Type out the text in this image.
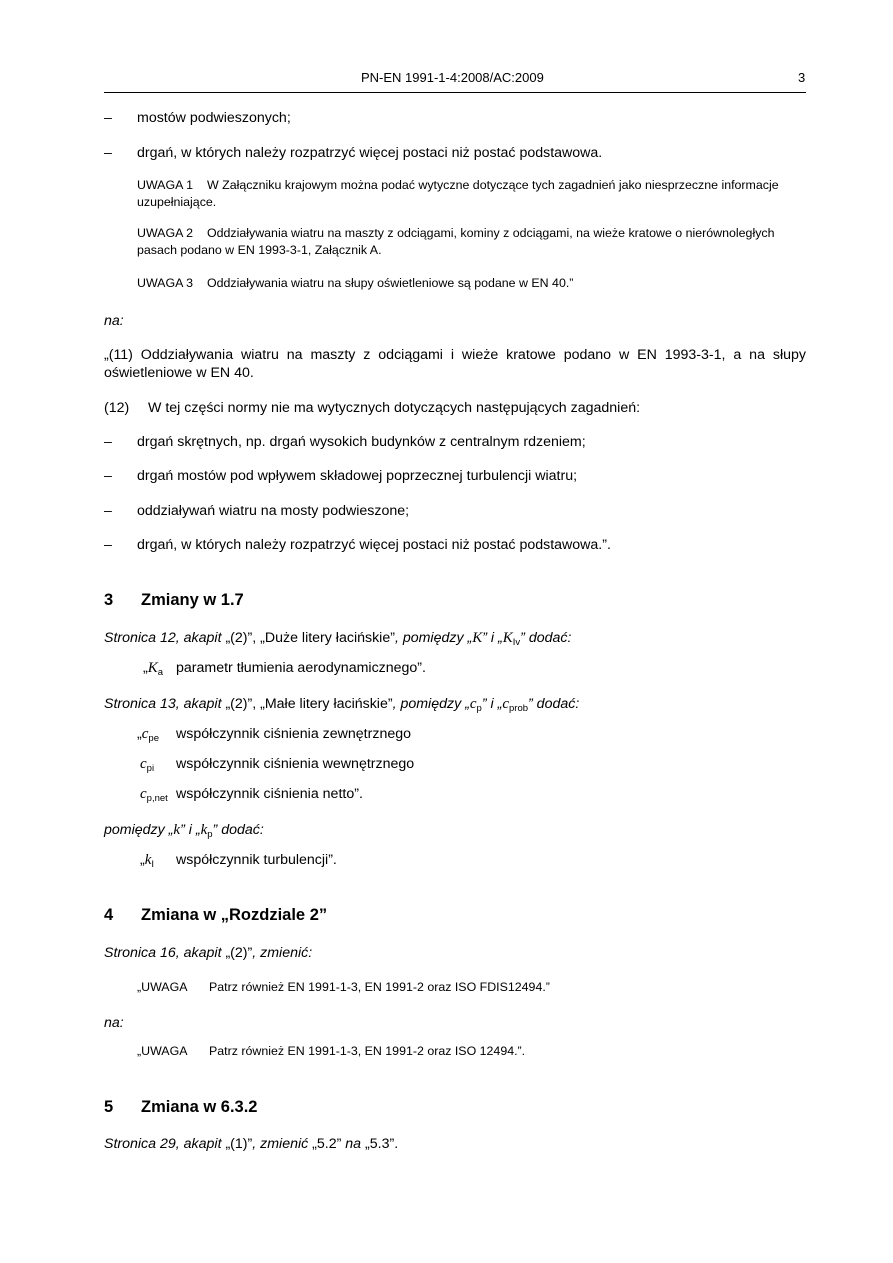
PN-EN 1991-1-4:2008/AC:2009	3
– mostów podwieszonych;
– drgań, w których należy rozpatrzyć więcej postaci niż postać podstawowa.
UWAGA 1 W Załączniku krajowym można podać wytyczne dotyczące tych zagadnień jako niesprzeczne informacje uzupełniające.
UWAGA 2 Oddziaływania wiatru na maszty z odciągami, kominy z odciągami, na wieże kratowe o nierównoległych pasach podano w EN 1993-3-1, Załącznik A.
UWAGA 3 Oddziaływania wiatru na słupy oświetleniowe są podane w EN 40.”
na:
„(11) Oddziaływania wiatru na maszty z odciągami i wieże kratowe podano w EN 1993-3-1, a na słupy oświetleniowe w EN 40.
(12) W tej części normy nie ma wytycznych dotyczących następujących zagadnień:
– drgań skrętnych, np. drgań wysokich budynków z centralnym rdzeniem;
– drgań mostów pod wpływem składowej poprzecznej turbulencji wiatru;
– oddziaływań wiatru na mosty podwieszone;
– drgań, w których należy rozpatrzyć więcej postaci niż postać podstawowa.”.
3 Zmiany w 1.7
Stronica 12, akapit „(2)”, „Duże litery łacińskie”, pomiędzy „K” i $„K_{Iv}$” dodać:
$„K_a$ parametr tłumienia aerodynamicznego”.
Stronica 13, akapit „(2)”, „Małe litery łacińskie”, pomiędzy $„c_p$” i $„c_{prob}$” dodać:
$„c_{pe}$ współczynnik ciśnienia zewnętrznego
$c_{pi}$ współczynnik ciśnienia wewnętrznego
$c_{p,net}$ współczynnik ciśnienia netto”.
pomiędzy „k” i $„k_p$” dodać:
$„k_I$ współczynnik turbulencji”.
4 Zmiana w „Rozdziale 2”
Stronica 16, akapit „(2)”, zmienić:
„UWAGA Patrz również EN 1991-1-3, EN 1991-2 oraz ISO FDIS12494.”
na:
„UWAGA Patrz również EN 1991-1-3, EN 1991-2 oraz ISO 12494.”.
5 Zmiana w 6.3.2
Stronica 29, akapit „(1)”, zmienić „5.2” na „5.3”.
